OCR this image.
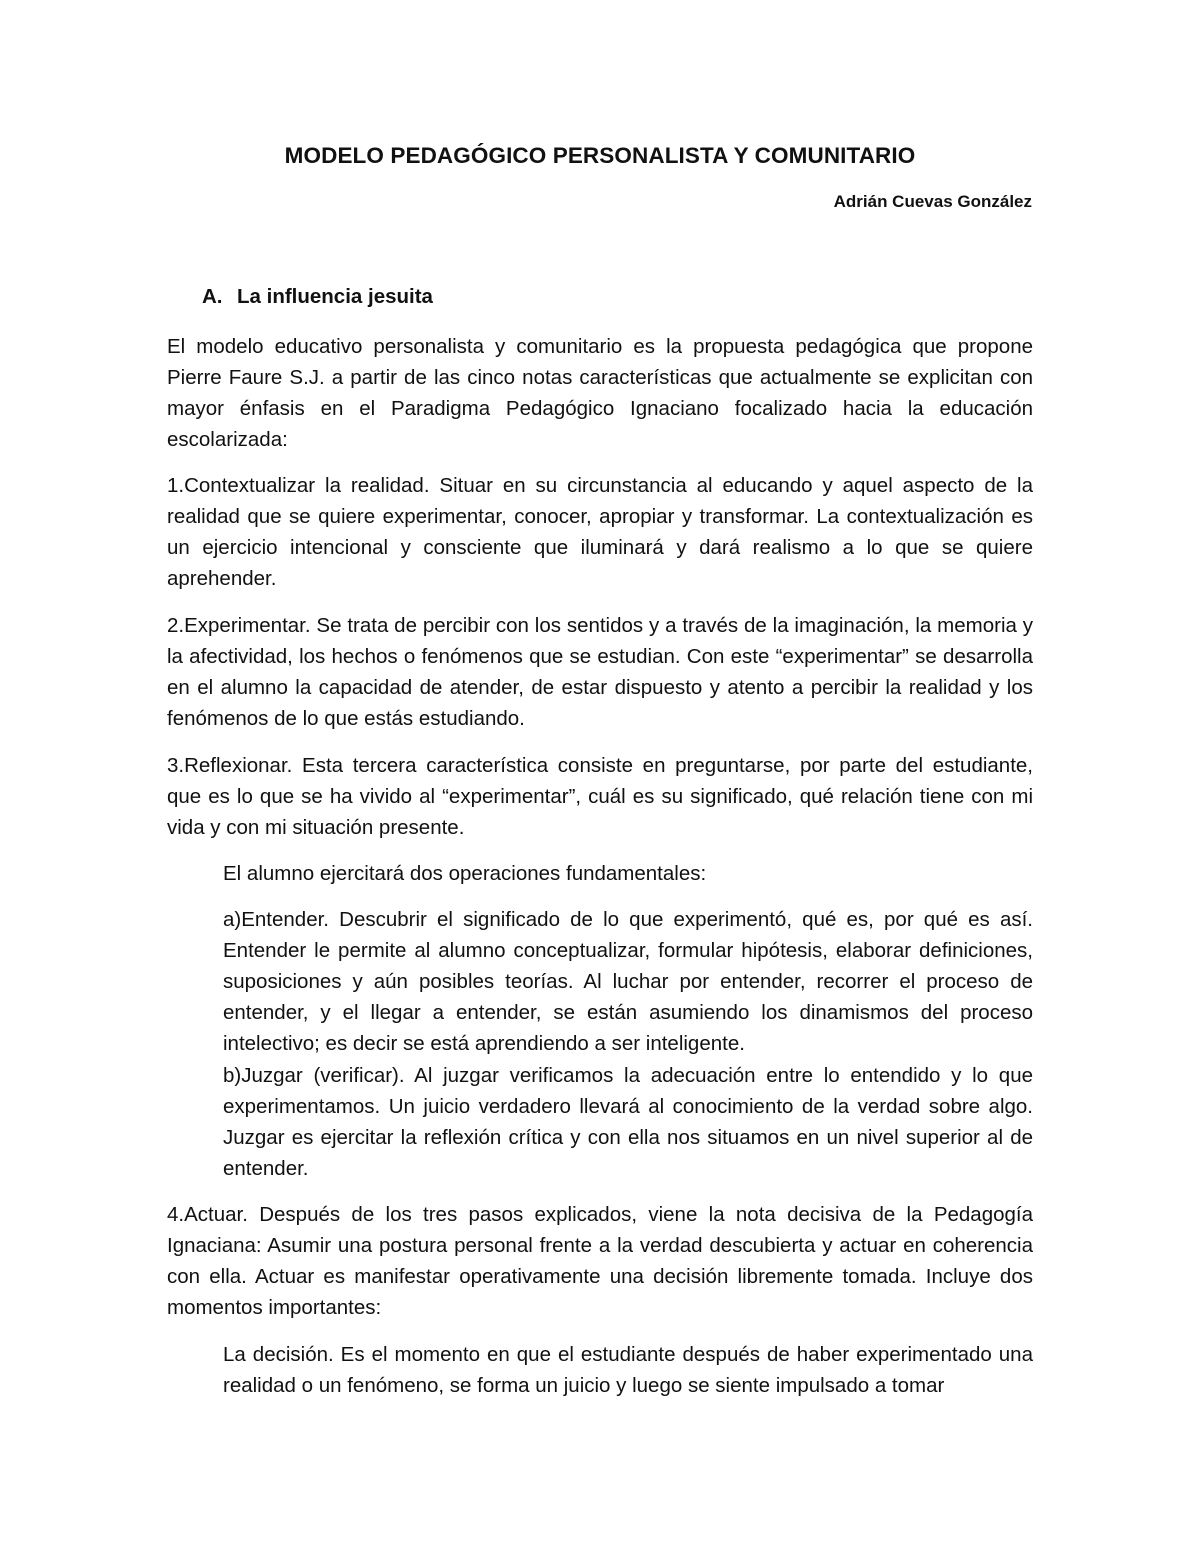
MODELO PEDAGÓGICO PERSONALISTA Y COMUNITARIO
Adrián Cuevas González
A. La influencia jesuita

El modelo educativo personalista y comunitario es la propuesta pedagógica que propone Pierre Faure S.J. a partir de las cinco notas características que actualmente se explicitan con mayor énfasis en el Paradigma Pedagógico Ignaciano focalizado hacia la educación escolarizada:

1.Contextualizar la realidad. Situar en su circunstancia al educando y aquel aspecto de la realidad que se quiere experimentar, conocer, apropiar y transformar. La contextualización es un ejercicio intencional y consciente que iluminará y dará realismo a lo que se quiere aprehender.

2.Experimentar. Se trata de percibir con los sentidos y a través de la imaginación, la memoria y la afectividad, los hechos o fenómenos que se estudian. Con este “experimentar” se desarrolla en el alumno la capacidad de atender, de estar dispuesto y atento a percibir la realidad y los fenómenos de lo que estás estudiando.

3.Reflexionar. Esta tercera característica consiste en preguntarse, por parte del estudiante, que es lo que se ha vivido al “experimentar”, cuál es su significado, qué relación tiene con mi vida y con mi situación presente.

El alumno ejercitará dos operaciones fundamentales:

a)Entender. Descubrir el significado de lo que experimentó, qué es, por qué es así. Entender le permite al alumno conceptualizar, formular hipótesis, elaborar definiciones, suposiciones y aún posibles teorías. Al luchar por entender, recorrer el proceso de entender, y el llegar a entender, se están asumiendo los dinamismos del proceso intelectivo; es decir se está aprendiendo a ser inteligente.

b)Juzgar (verificar). Al juzgar verificamos la adecuación entre lo entendido y lo que experimentamos. Un juicio verdadero llevará al conocimiento de la verdad sobre algo. Juzgar es ejercitar la reflexión crítica y con ella nos situamos en un nivel superior al de entender.

4.Actuar. Después de los tres pasos explicados, viene la nota decisiva de la Pedagogía Ignaciana: Asumir una postura personal frente a la verdad descubierta y actuar en coherencia con ella. Actuar es manifestar operativamente una decisión libremente tomada. Incluye dos momentos importantes:

La decisión. Es el momento en que el estudiante después de haber experimentado una realidad o un fenómeno, se forma un juicio y luego se siente impulsado a tomar
